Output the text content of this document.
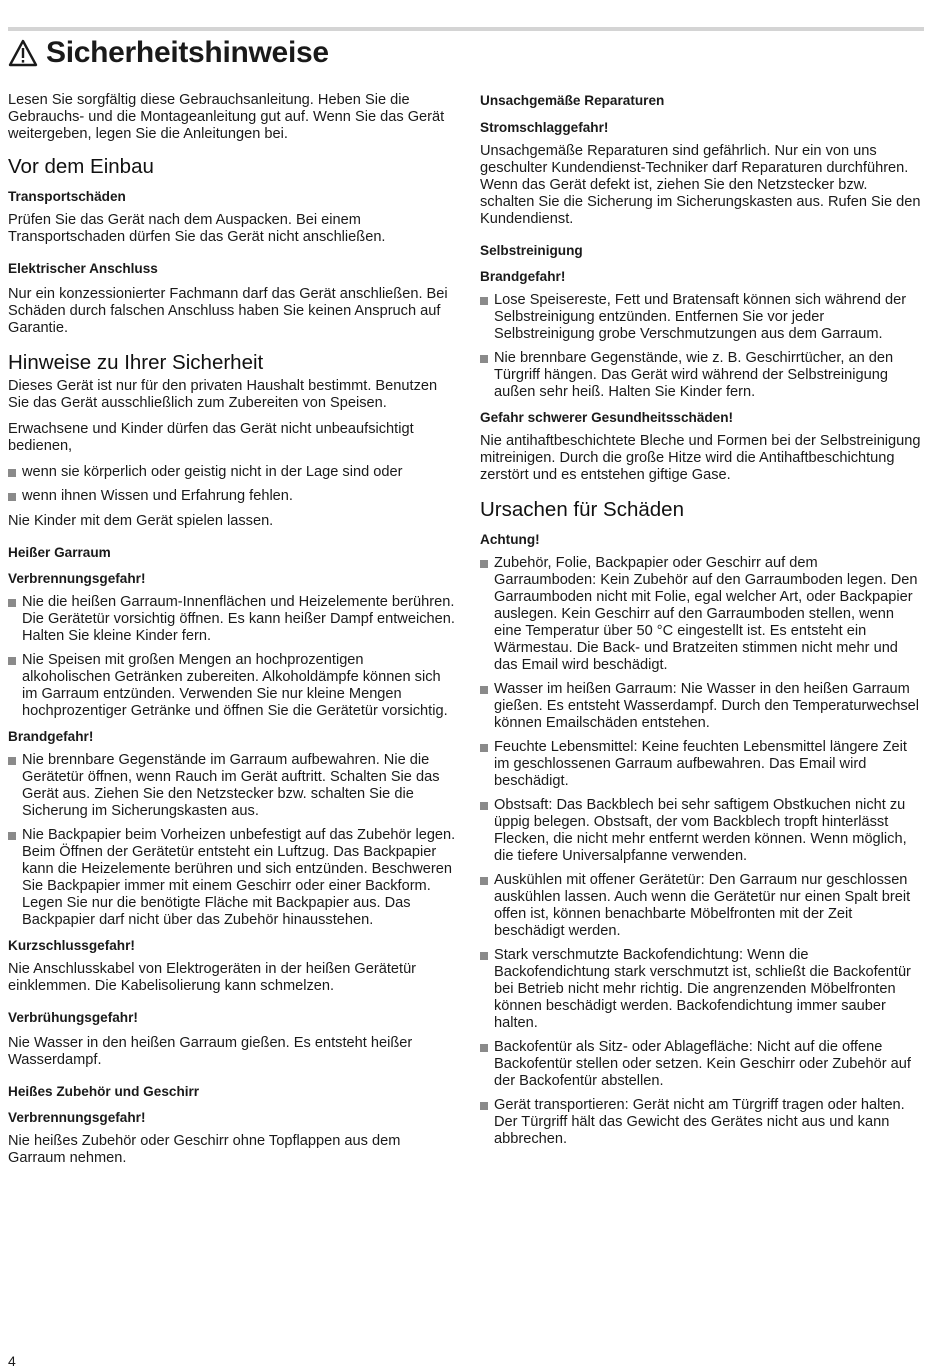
Sicherheitshinweise

Lesen Sie sorgfältig diese Gebrauchsanleitung. Heben Sie die Gebrauchs- und die Montageanleitung gut auf. Wenn Sie das Gerät weitergeben, legen Sie die Anleitungen bei.

Vor dem Einbau
Transportschäden

Prüfen Sie das Gerät nach dem Auspacken. Bei einem Transportschaden dürfen Sie das Gerät nicht anschließen.

Elektrischer Anschluss

Nur ein konzessionierter Fachmann darf das Gerät anschließen. Bei Schäden durch falschen Anschluss haben Sie keinen Anspruch auf Garantie.

Hinweise zu Ihrer Sicherheit

Dieses Gerät ist nur für den privaten Haushalt bestimmt. Benutzen Sie das Gerät ausschließlich zum Zubereiten von Speisen.

Erwachsene und Kinder dürfen das Gerät nicht unbeaufsichtigt bedienen,

wenn sie körperlich oder geistig nicht in der Lage sind oder
wenn ihnen Wissen und Erfahrung fehlen.

Nie Kinder mit dem Gerät spielen lassen.

Heißer Garraum
Verbrennungsgefahr!
Nie die heißen Garraum-Innenflächen und Heizelemente berühren. Die Gerätetür vorsichtig öffnen. Es kann heißer Dampf entweichen. Halten Sie kleine Kinder fern.
Nie Speisen mit großen Mengen an hochprozentigen alkoholischen Getränken zubereiten. Alkoholdämpfe können sich im Garraum entzünden. Verwenden Sie nur kleine Mengen hochprozentiger Getränke und öffnen Sie die Gerätetür vorsichtig.
Brandgefahr!
Nie brennbare Gegenstände im Garraum aufbewahren. Nie die Gerätetür öffnen, wenn Rauch im Gerät auftritt. Schalten Sie das Gerät aus. Ziehen Sie den Netzstecker bzw. schalten Sie die Sicherung im Sicherungskasten aus.
Nie Backpapier beim Vorheizen unbefestigt auf das Zubehör legen. Beim Öffnen der Gerätetür entsteht ein Luftzug. Das Backpapier kann die Heizelemente berühren und sich entzünden. Beschweren Sie Backpapier immer mit einem Geschirr oder einer Backform. Legen Sie nur die benötigte Fläche mit Backpapier aus. Das Backpapier darf nicht über das Zubehör hinausstehen.
Kurzschlussgefahr!

Nie Anschlusskabel von Elektrogeräten in der heißen Gerätetür einklemmen. Die Kabelisolierung kann schmelzen.

Verbrühungsgefahr!

Nie Wasser in den heißen Garraum gießen. Es entsteht heißer Wasserdampf.

Heißes Zubehör und Geschirr
Verbrennungsgefahr!

Nie heißes Zubehör oder Geschirr ohne Topflappen aus dem Garraum nehmen.

Unsachgemäße Reparaturen
Stromschlaggefahr!

Unsachgemäße Reparaturen sind gefährlich. Nur ein von uns geschulter Kundendienst-Techniker darf Reparaturen durchführen. Wenn das Gerät defekt ist, ziehen Sie den Netzstecker bzw. schalten Sie die Sicherung im Sicherungskasten aus. Rufen Sie den Kundendienst.

Selbstreinigung
Brandgefahr!
Lose Speisereste, Fett und Bratensaft können sich während der Selbstreinigung entzünden. Entfernen Sie vor jeder Selbstreinigung grobe Verschmutzungen aus dem Garraum.
Nie brennbare Gegenstände, wie z. B. Geschirrtücher, an den Türgriff hängen. Das Gerät wird während der Selbstreinigung außen sehr heiß. Halten Sie Kinder fern.
Gefahr schwerer Gesundheitsschäden!

Nie antihaftbeschichtete Bleche und Formen bei der Selbstreinigung mitreinigen. Durch die große Hitze wird die Antihaftbeschichtung zerstört und es entstehen giftige Gase.

Ursachen für Schäden
Achtung!
Zubehör, Folie, Backpapier oder Geschirr auf dem Garraumboden: Kein Zubehör auf den Garraumboden legen. Den Garraumboden nicht mit Folie, egal welcher Art, oder Backpapier auslegen. Kein Geschirr auf den Garraumboden stellen, wenn eine Temperatur über 50 °C eingestellt ist. Es entsteht ein Wärmestau. Die Back- und Bratzeiten stimmen nicht mehr und das Email wird beschädigt.
Wasser im heißen Garraum: Nie Wasser in den heißen Garraum gießen. Es entsteht Wasserdampf. Durch den Temperaturwechsel können Emailschäden entstehen.
Feuchte Lebensmittel: Keine feuchten Lebensmittel längere Zeit im geschlossenen Garraum aufbewahren. Das Email wird beschädigt.
Obstsaft: Das Backblech bei sehr saftigem Obstkuchen nicht zu üppig belegen. Obstsaft, der vom Backblech tropft hinterlässt Flecken, die nicht mehr entfernt werden können. Wenn möglich, die tiefere Universalpfanne verwenden.
Auskühlen mit offener Gerätetür: Den Garraum nur geschlossen auskühlen lassen. Auch wenn die Gerätetür nur einen Spalt breit offen ist, können benachbarte Möbelfronten mit der Zeit beschädigt werden.
Stark verschmutzte Backofendichtung: Wenn die Backofendichtung stark verschmutzt ist, schließt die Backofentür bei Betrieb nicht mehr richtig. Die angrenzenden Möbelfronten können beschädigt werden. Backofendichtung immer sauber halten.
Backofentür als Sitz- oder Ablagefläche: Nicht auf die offene Backofentür stellen oder setzen. Kein Geschirr oder Zubehör auf der Backofentür abstellen.
Gerät transportieren: Gerät nicht am Türgriff tragen oder halten. Der Türgriff hält das Gewicht des Gerätes nicht aus und kann abbrechen.
4
